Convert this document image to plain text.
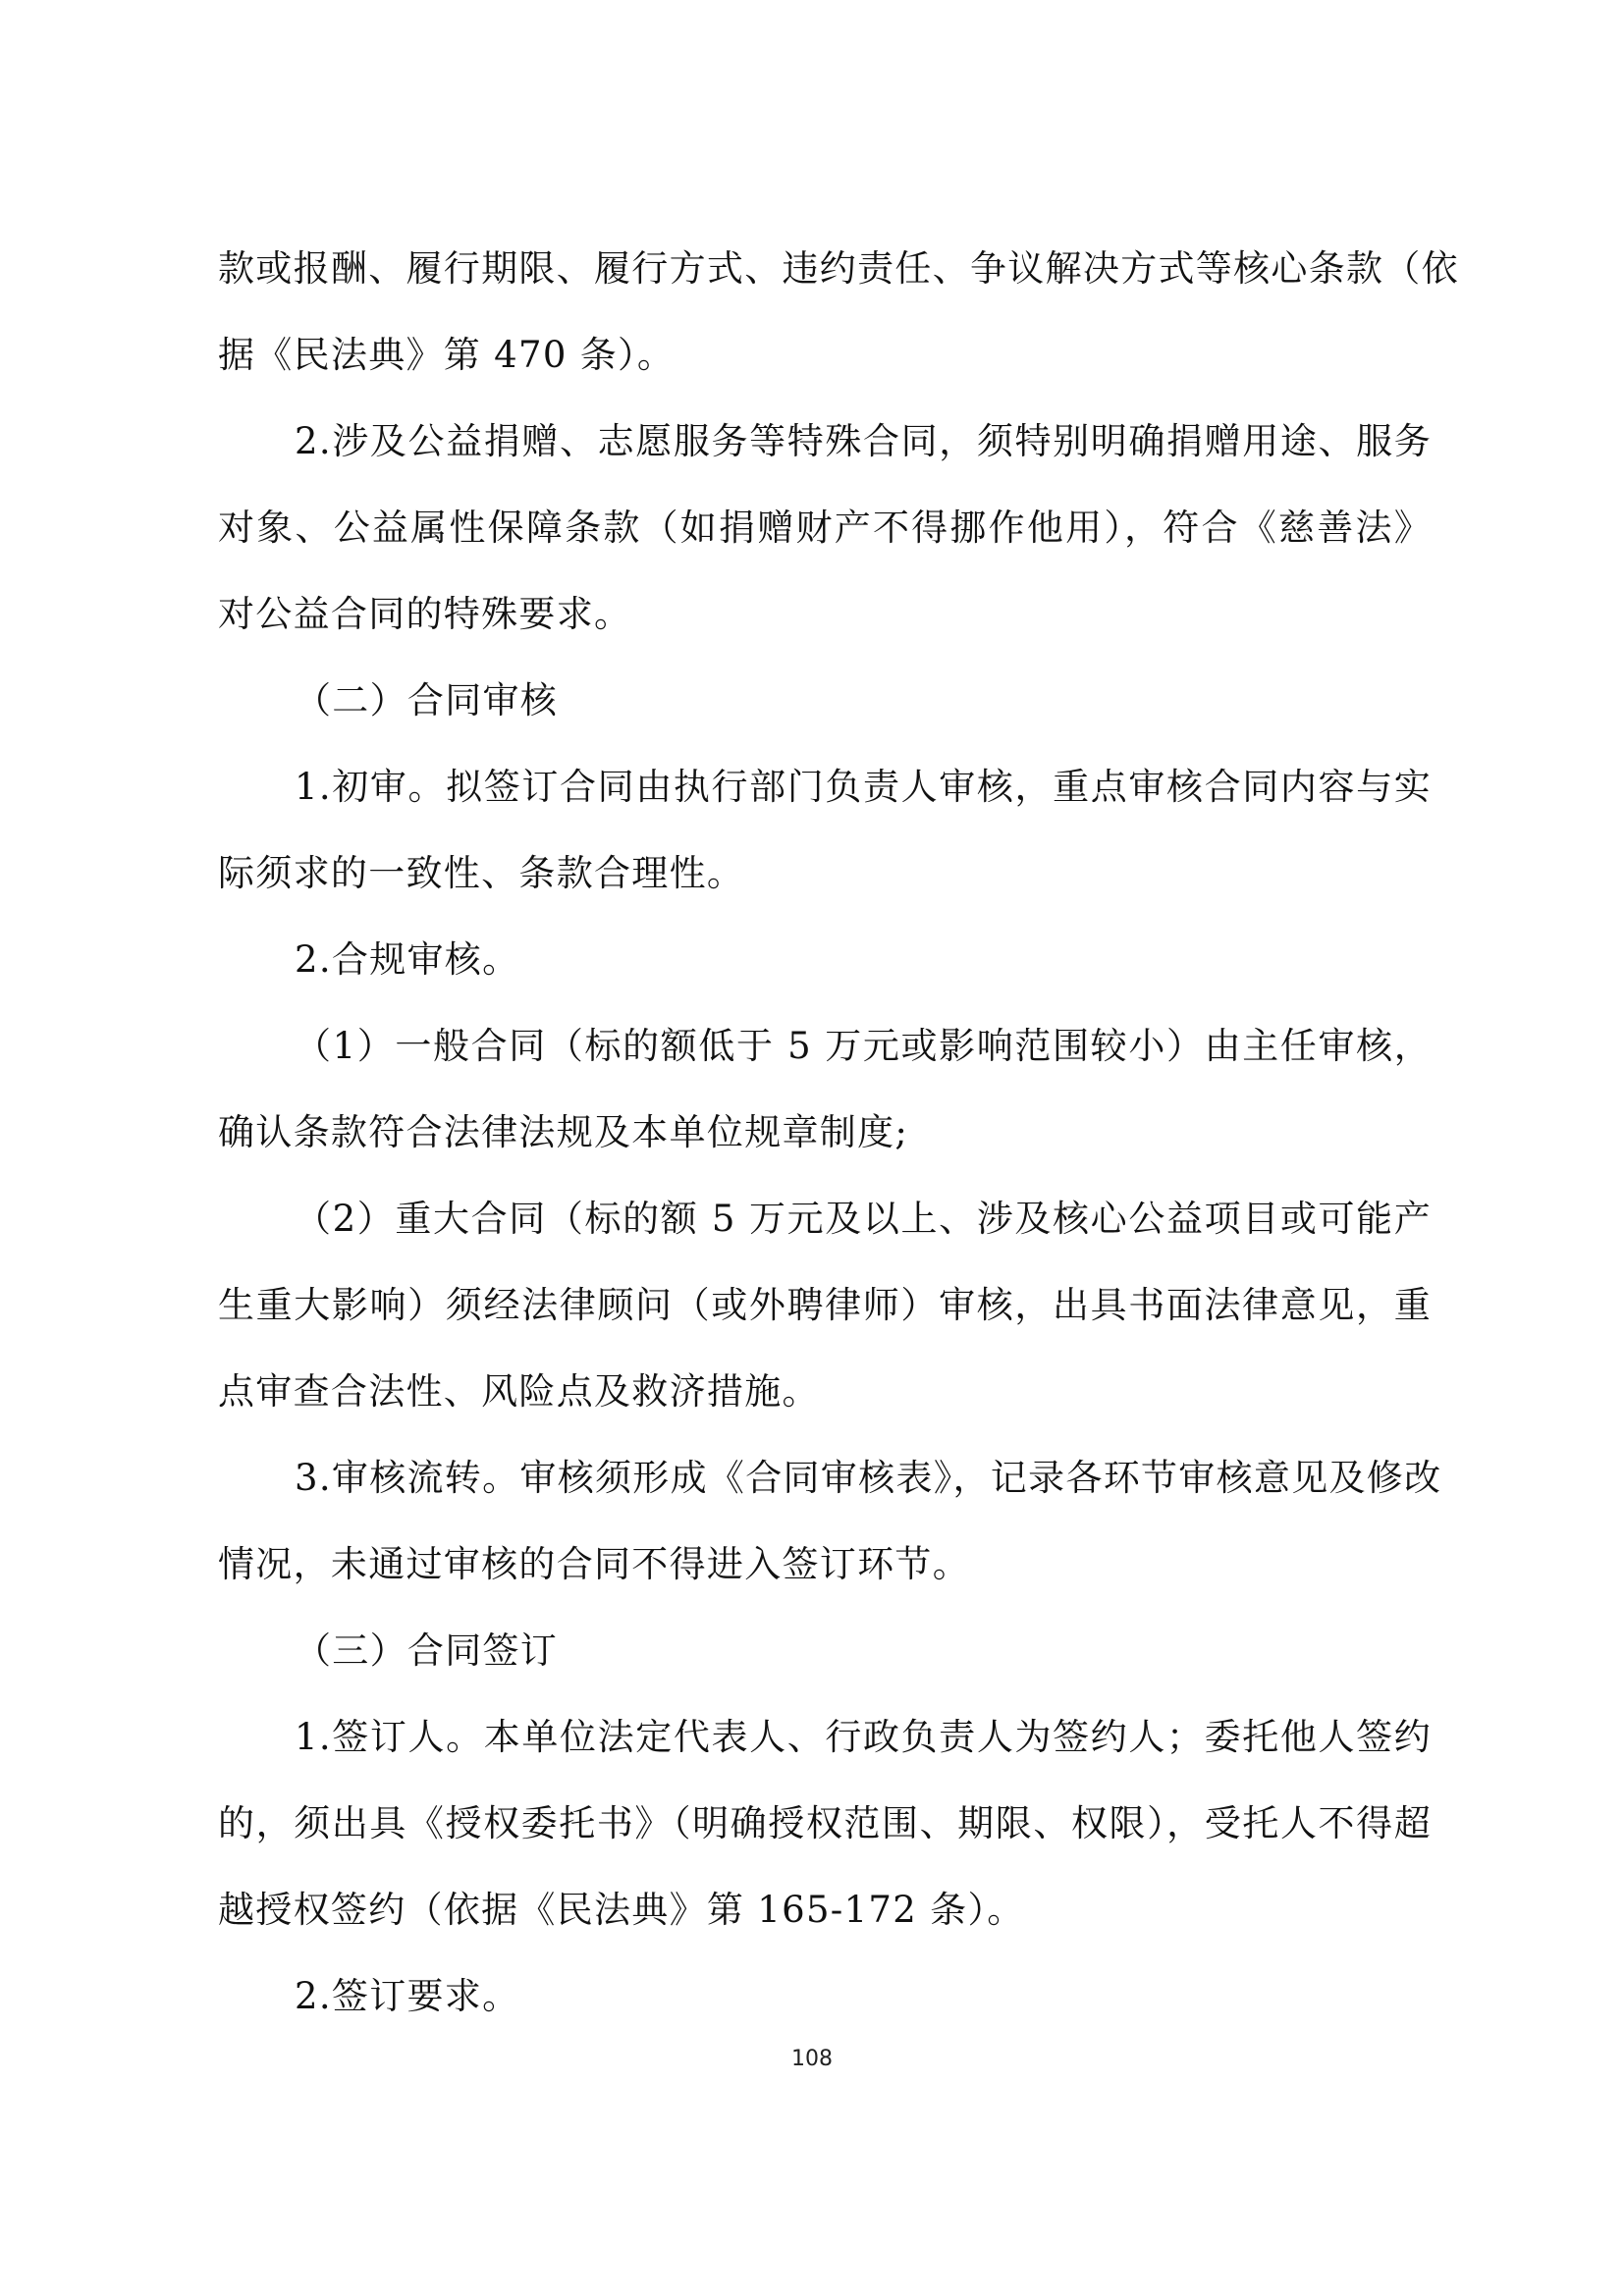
款或报酬、履行期限、履行方式、违约责任、争议解决方式等核心条款（依
据《民法典》第 470 条）。
2.涉及公益捐赠、志愿服务等特殊合同，须特别明确捐赠用途、服务
对象、公益属性保障条款（如捐赠财产不得挪作他用），符合《慈善法》
对公益合同的特殊要求。
（二）合同审核
1.初审。拟签订合同由执行部门负责人审核，重点审核合同内容与实
际须求的一致性、条款合理性。
2.合规审核。
（1）一般合同（标的额低于 5 万元或影响范围较小）由主任审核，
确认条款符合法律法规及本单位规章制度;
（2）重大合同（标的额 5 万元及以上、涉及核心公益项目或可能产
生重大影响）须经法律顾问（或外聘律师）审核，出具书面法律意见，重
点审查合法性、风险点及救济措施。
3.审核流转。审核须形成《合同审核表》，记录各环节审核意见及修改
情况，未通过审核的合同不得进入签订环节。
（三）合同签订
1.签订人。本单位法定代表人、行政负责人为签约人；委托他人签约
的，须出具《授权委托书》（明确授权范围、期限、权限），受托人不得超
越授权签约（依据《民法典》第 165-172 条）。
2.签订要求。
108
